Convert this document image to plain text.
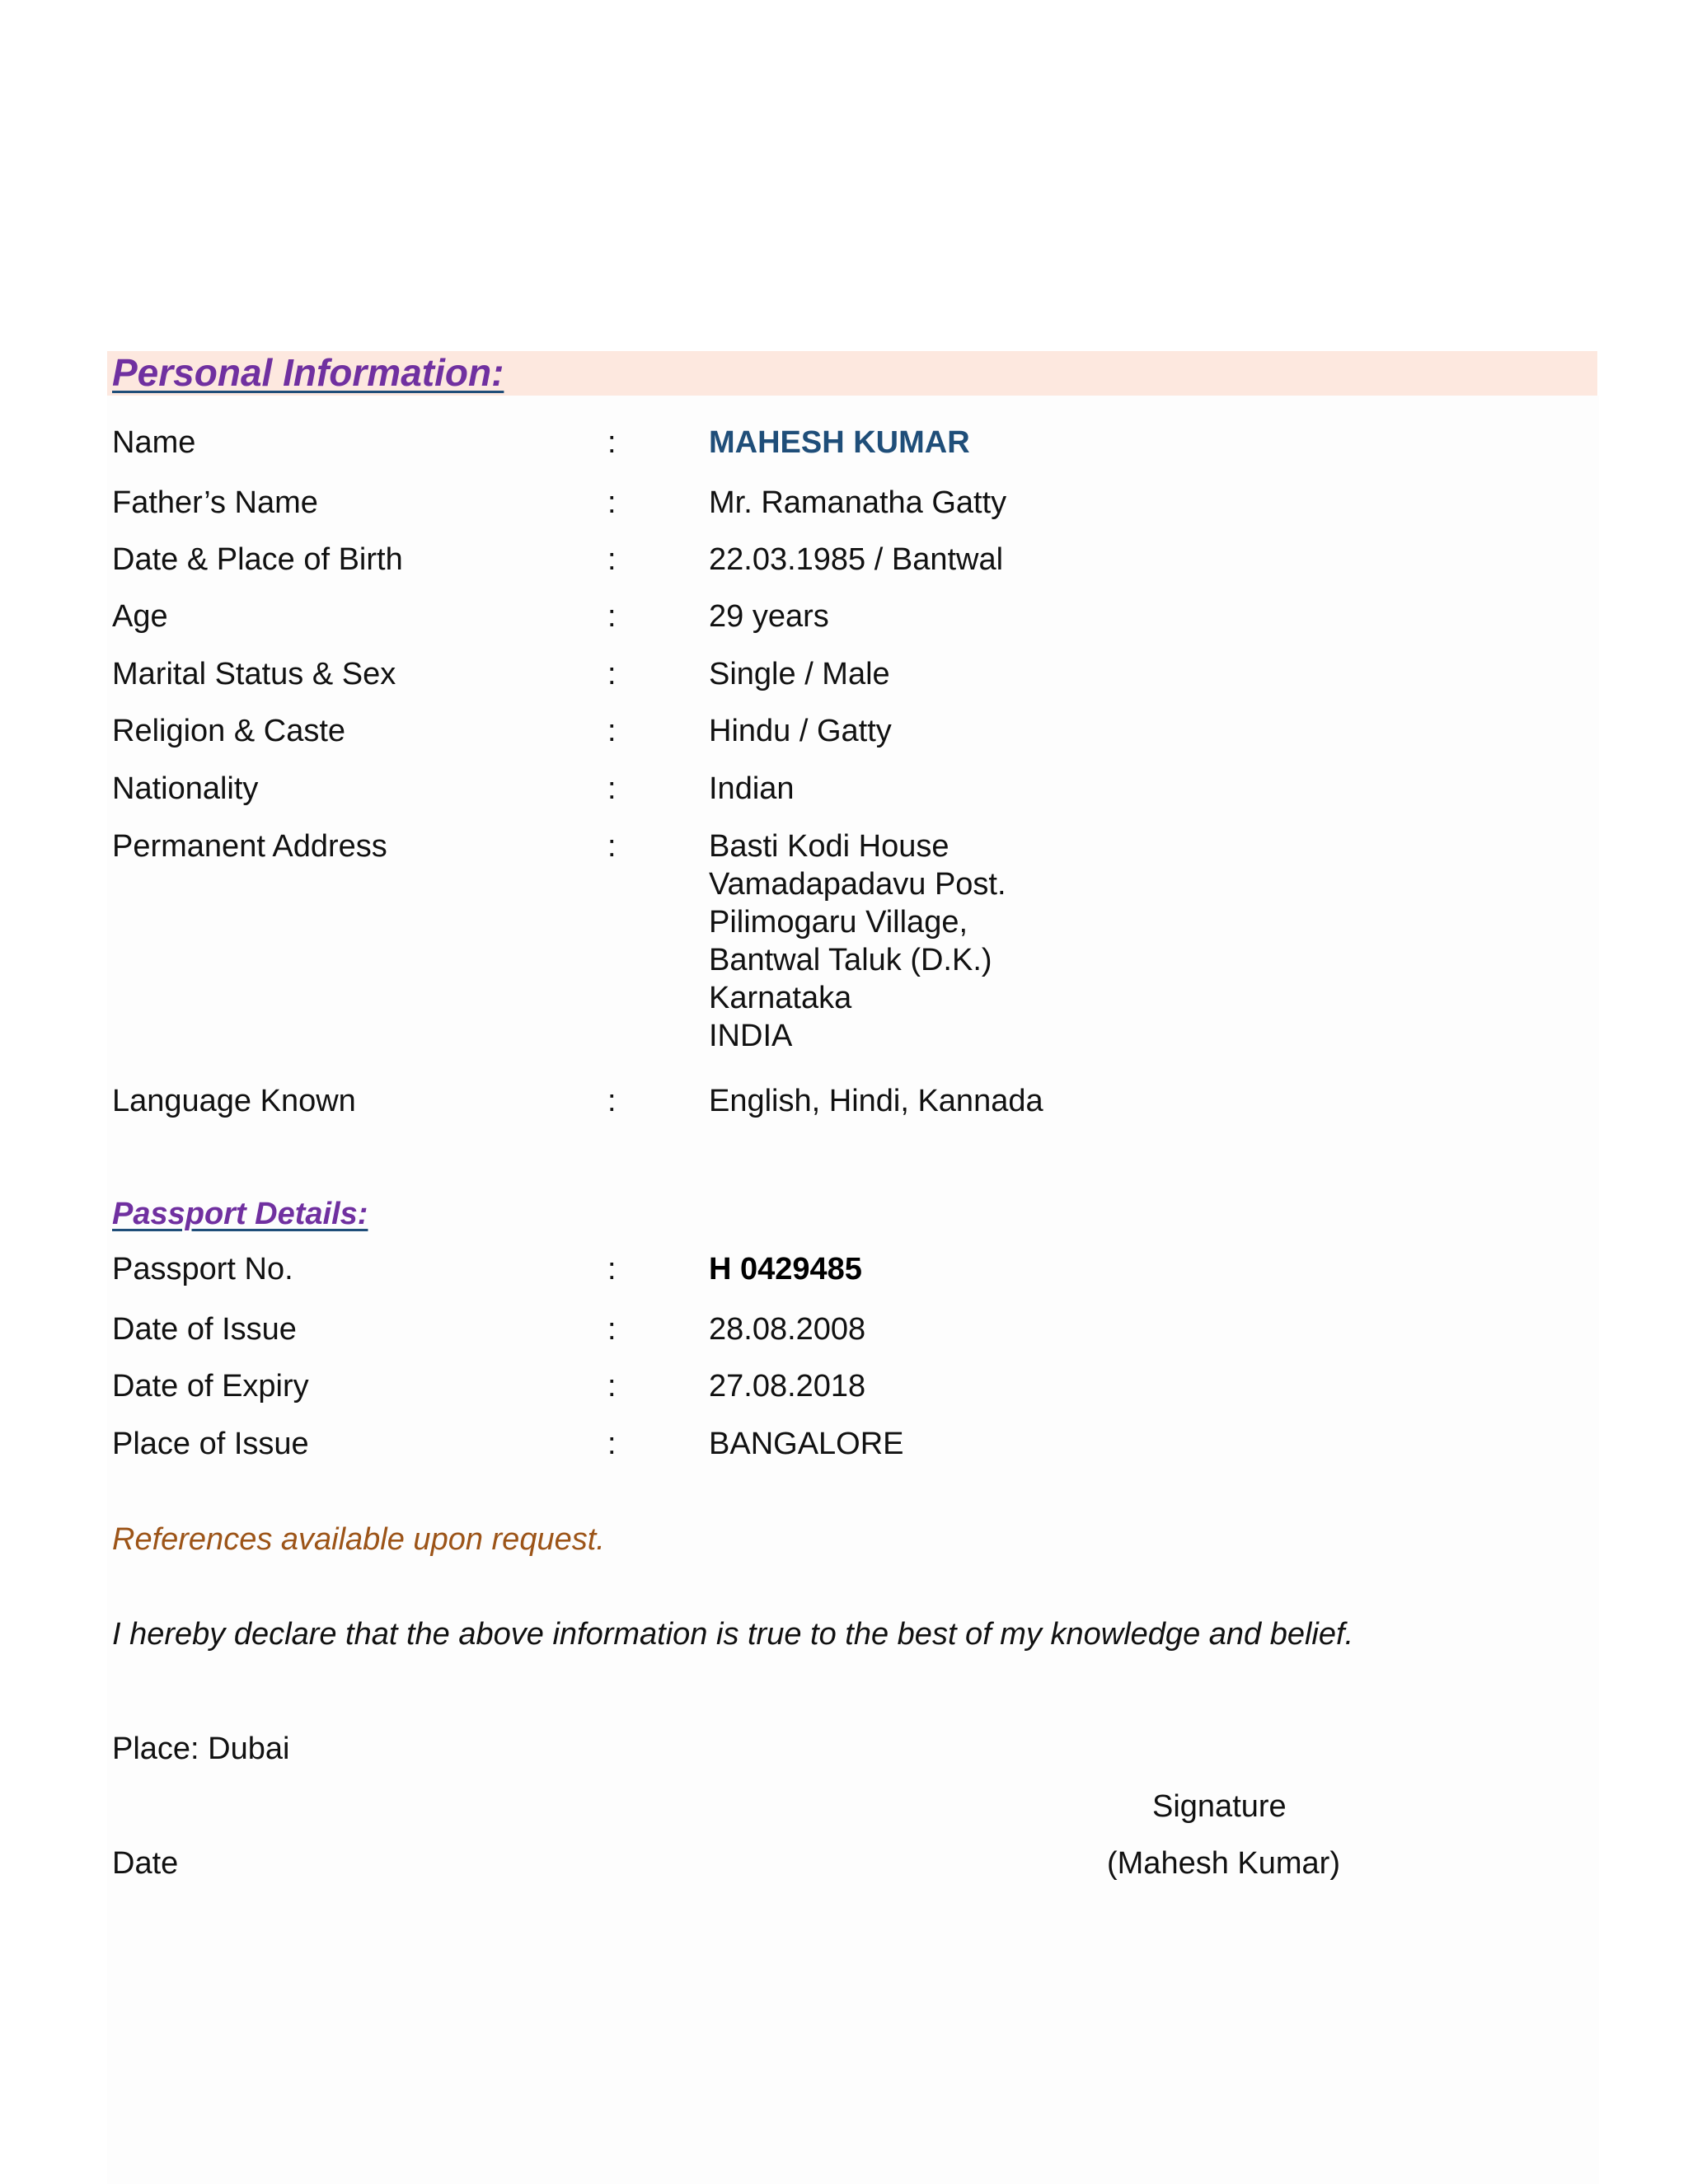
Personal Information:
Name	:	MAHESH KUMAR
Father’s Name	:	Mr. Ramanatha Gatty
Date & Place of Birth	:	22.03.1985 / Bantwal
Age	:	29 years
Marital Status & Sex	:	Single / Male
Religion & Caste	:	Hindu / Gatty
Nationality	:	Indian
Permanent Address	:	Basti Kodi House
Vamadapadavu Post.
Pilimogaru Village,
Bantwal Taluk (D.K.)
Karnataka
INDIA
Language Known	:	English, Hindi, Kannada
Passport Details:
Passport No.	:	H 0429485
Date of Issue	:	28.08.2008
Date of Expiry	:	27.08.2018
Place of Issue	:	BANGALORE
References available upon request.
I hereby declare that the above information is true to the best of my knowledge and belief.
Place: Dubai
Signature
Date	(Mahesh Kumar)
